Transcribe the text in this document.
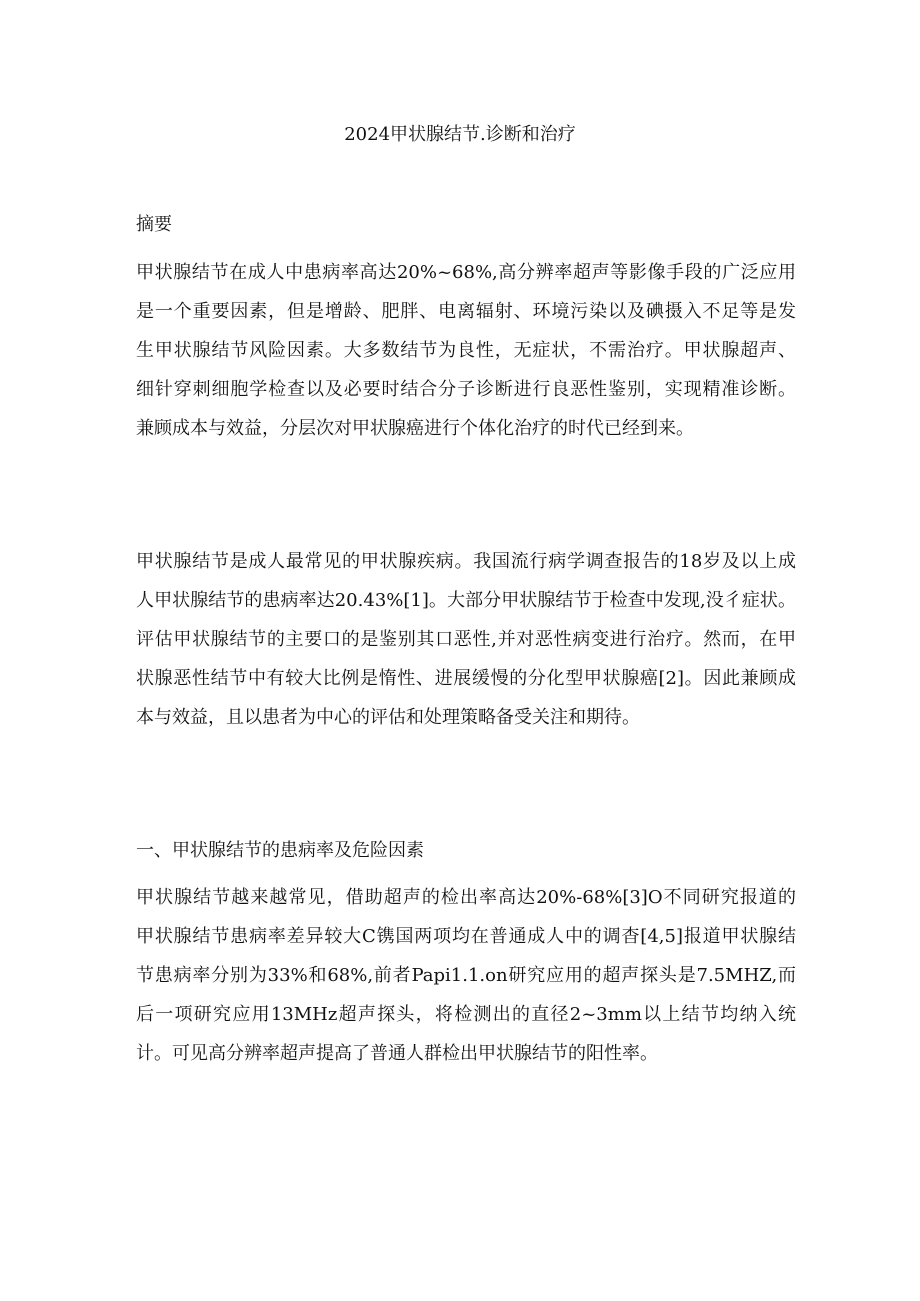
2024甲状腺结节.诊断和治疗
摘要
甲状腺结节在成人中患病率高达20%~68%,高分辨率超声等影像手段的广泛应用
是一个重要因素，但是增龄、肥胖、电离辐射、环境污染以及碘摄入不足等是发
生甲状腺结节风险因素。大多数结节为良性，无症状，不需治疗。甲状腺超声、
细针穿刺细胞学检查以及必要时结合分子诊断进行良恶性鉴别，实现精准诊断。
兼顾成本与效益，分层次对甲状腺癌进行个体化治疗的时代已经到来。
甲状腺结节是成人最常见的甲状腺疾病。我国流行病学调查报告的18岁及以上成
人甲状腺结节的患病率达20.43%[1]。大部分甲状腺结节于检查中发现,没彳症状。
评估甲状腺结节的主要口的是鉴别其口恶性,并对恶性病变进行治疗。然而，在甲
状腺恶性结节中有较大比例是惰性、进展缓慢的分化型甲状腺癌[2]。因此兼顾成
本与效益，且以患者为中心的评估和处理策略备受关注和期待。
一、甲状腺结节的患病率及危险因素
甲状腺结节越来越常见，借助超声的检出率高达20%-68%[3]O不同研究报道的
甲状腺结节患病率差异较大C镌国两项均在普通成人中的调杳[4,5]报道甲状腺结
节患病率分别为33%和68%,前者Papi1.1.on研究应用的超声探头是7.5MHZ,而
后一项研究应用13MHz超声探头，将检测出的直径2~3mm以上结节均纳入统
计。可见高分辨率超声提高了普通人群检出甲状腺结节的阳性率。
